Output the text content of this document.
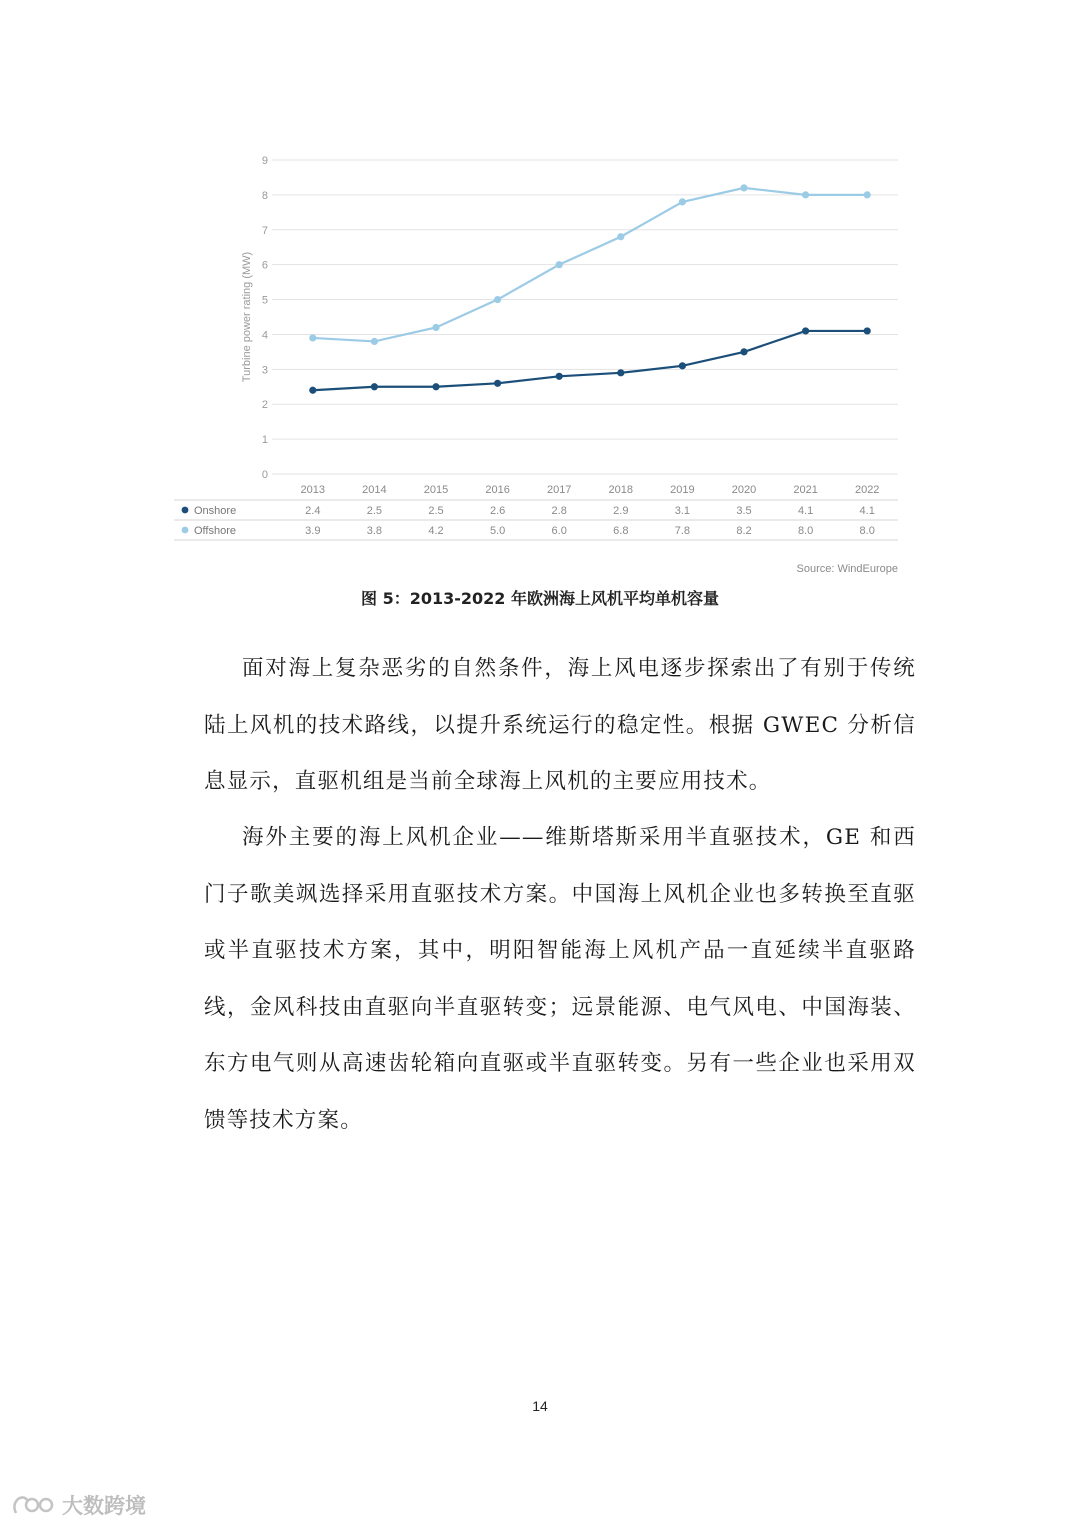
0
1
2
3
4
5
6
7
8
9
Turbine power rating (MW)
2013	2014	2015	2016	2017	2018	2019	2020	2021	2022
Onshore	2.4	2.5	2.5	2.6	2.8	2.9	3.1	3.5	4.1	4.1
Offshore	3.9	3.8	4.2	5.0	6.0	6.8	7.8	8.2	8.0	8.0
Source: WindEurope
图 5：2013-2022 年欧洲海上风机平均单机容量

面对海上复杂恶劣的自然条件，海上风电逐步探索出了有别于传统陆上风机的技术路线，以提升系统运行的稳定性。根据 GWEC 分析信息显示，直驱机组是当前全球海上风机的主要应用技术。

海外主要的海上风机企业——维斯塔斯采用半直驱技术，GE 和西门子歌美飒选择采用直驱技术方案。中国海上风机企业也多转换至直驱或半直驱技术方案，其中，明阳智能海上风机产品一直延续半直驱路线，金风科技由直驱向半直驱转变；远景能源、电气风电、中国海装、东方电气则从高速齿轮箱向直驱或半直驱转变。另有一些企业也采用双馈等技术方案。

14
大数跨境
